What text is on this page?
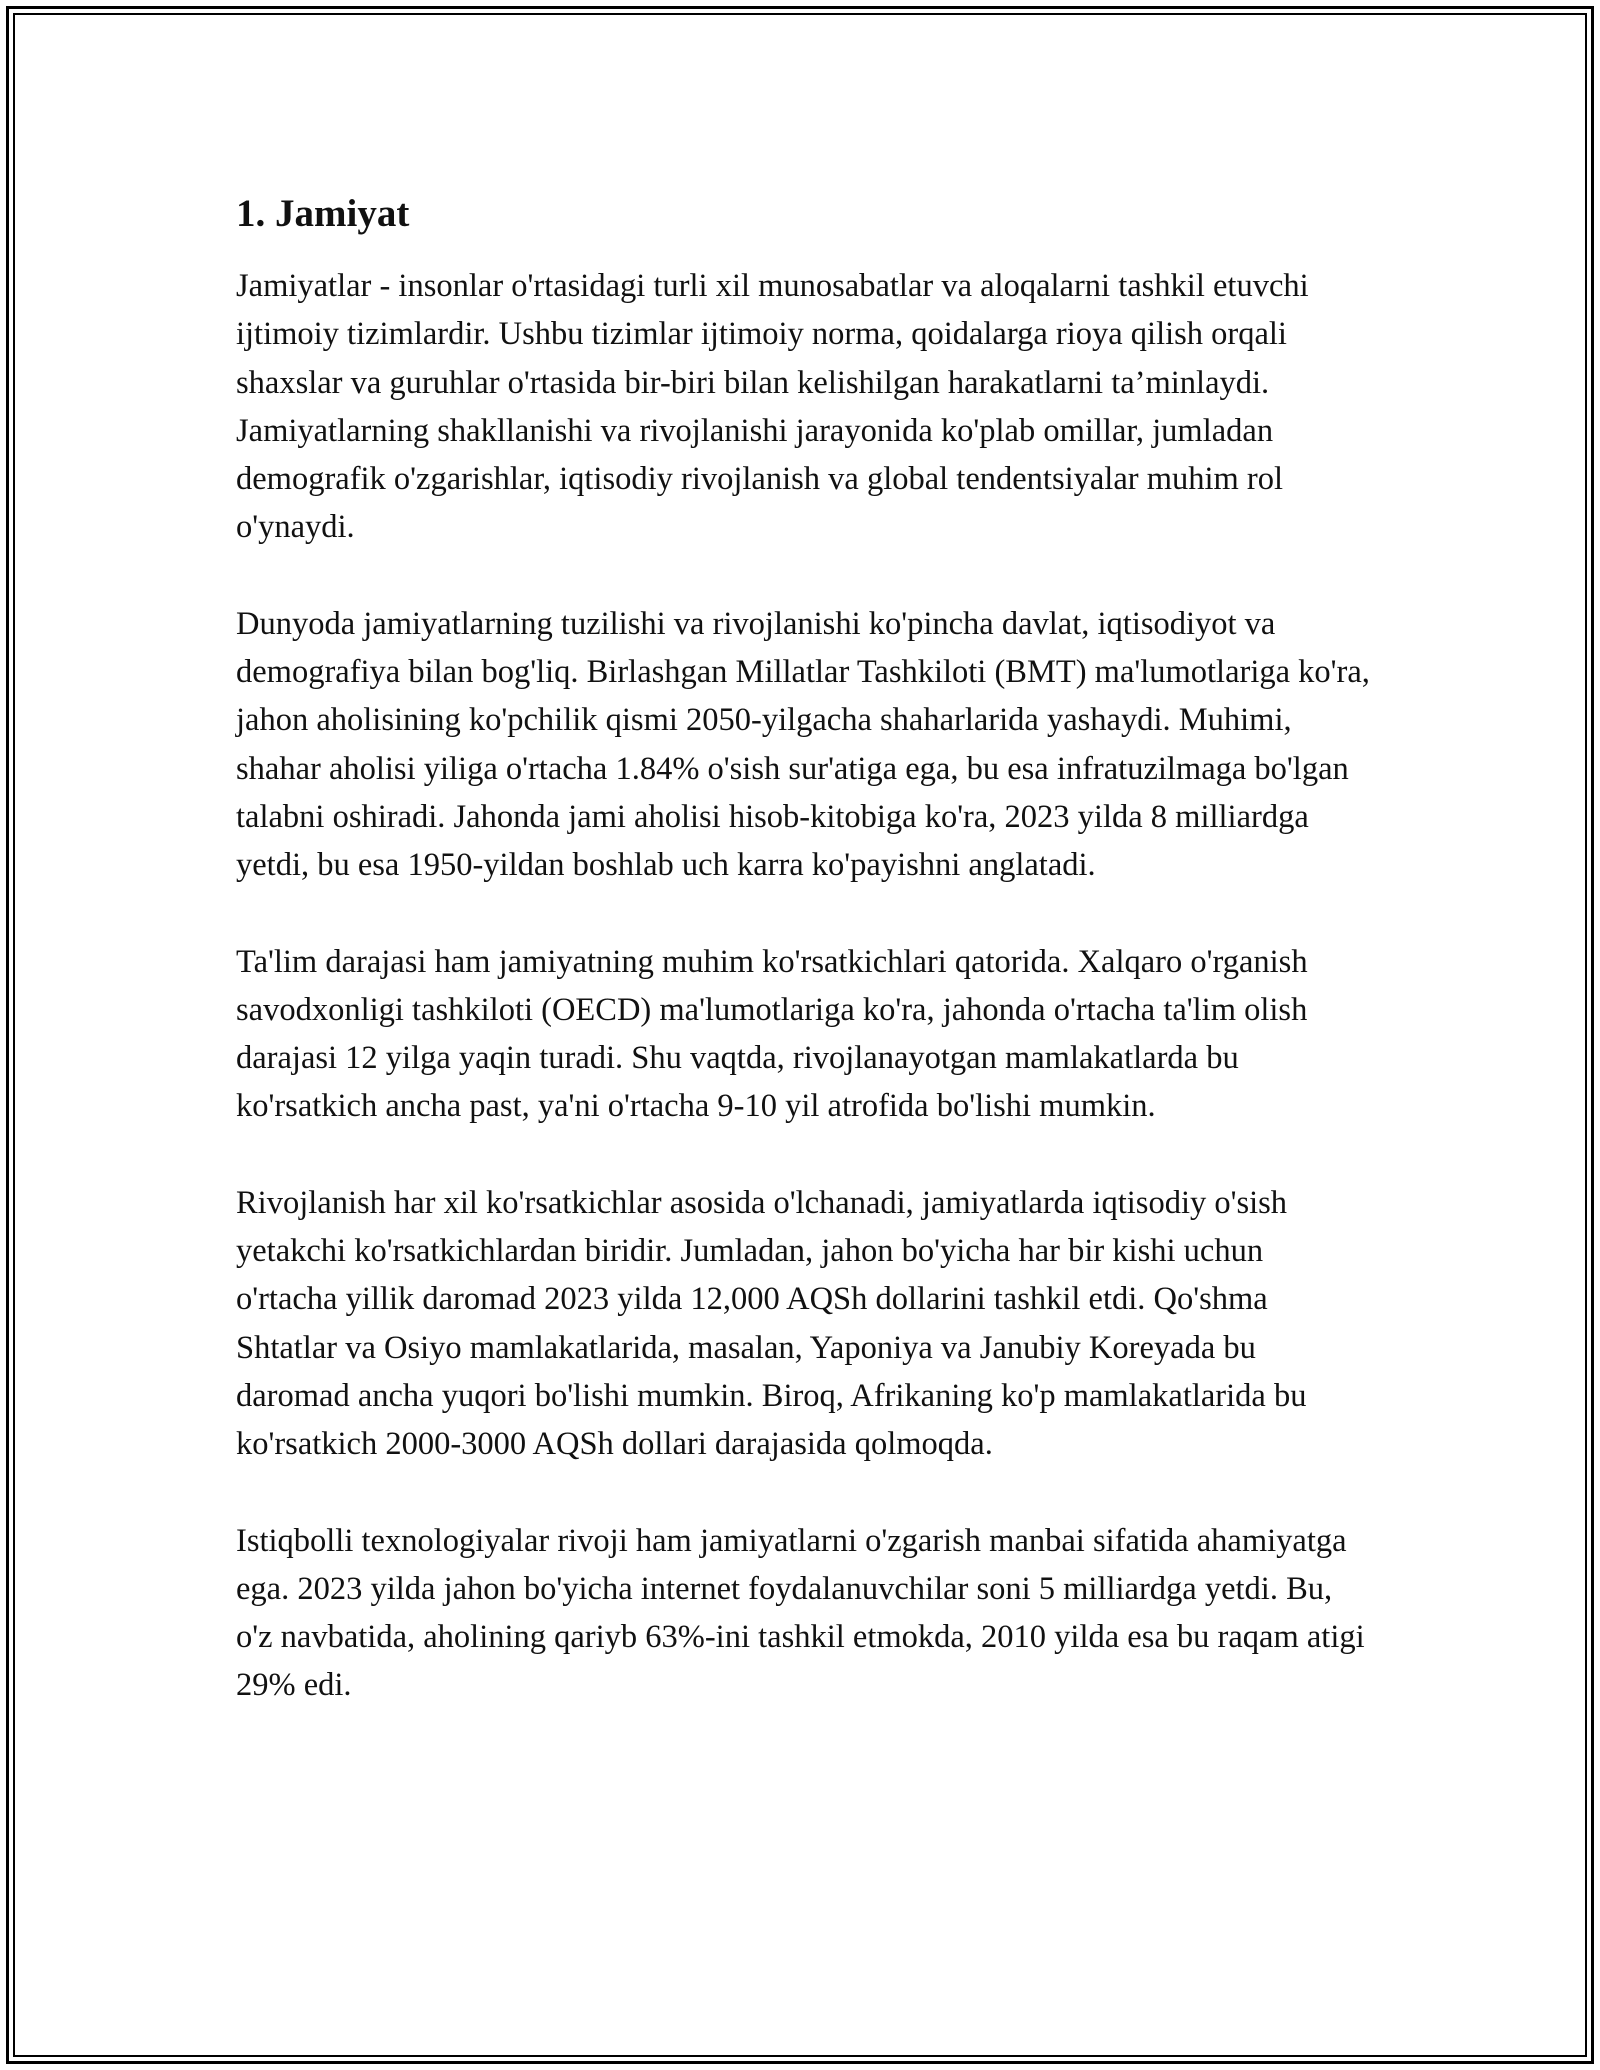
1. Jamiyat

Jamiyatlar - insonlar o'rtasidagi turli xil munosabatlar va aloqalarni tashkil etuvchi ijtimoiy tizimlardir. Ushbu tizimlar ijtimoiy norma, qoidalarga rioya qilish orqali shaxslar va guruhlar o'rtasida bir-biri bilan kelishilgan harakatlarni ta’minlaydi. Jamiyatlarning shakllanishi va rivojlanishi jarayonida ko'plab omillar, jumladan demografik o'zgarishlar, iqtisodiy rivojlanish va global tendentsiyalar muhim rol o'ynaydi.

Dunyoda jamiyatlarning tuzilishi va rivojlanishi ko'pincha davlat, iqtisodiyot va demografiya bilan bog'liq. Birlashgan Millatlar Tashkiloti (BMT) ma'lumotlariga ko'ra, jahon aholisining ko'pchilik qismi 2050-yilgacha shaharlarida yashaydi. Muhimi, shahar aholisi yiliga o'rtacha 1.84% o'sish sur'atiga ega, bu esa infratuzilmaga bo'lgan talabni oshiradi. Jahonda jami aholisi hisob-kitobiga ko'ra, 2023 yilda 8 milliardga yetdi, bu esa 1950-yildan boshlab uch karra ko'payishni anglatadi.

Ta'lim darajasi ham jamiyatning muhim ko'rsatkichlari qatorida. Xalqaro o'rganish savodxonligi tashkiloti (OECD) ma'lumotlariga ko'ra, jahonda o'rtacha ta'lim olish darajasi 12 yilga yaqin turadi. Shu vaqtda, rivojlanayotgan mamlakatlarda bu ko'rsatkich ancha past, ya'ni o'rtacha 9-10 yil atrofida bo'lishi mumkin.

Rivojlanish har xil ko'rsatkichlar asosida o'lchanadi, jamiyatlarda iqtisodiy o'sish yetakchi ko'rsatkichlardan biridir. Jumladan, jahon bo'yicha har bir kishi uchun o'rtacha yillik daromad 2023 yilda 12,000 AQSh dollarini tashkil etdi. Qo'shma Shtatlar va Osiyo mamlakatlarida, masalan, Yaponiya va Janubiy Koreyada bu daromad ancha yuqori bo'lishi mumkin. Biroq, Afrikaning ko'p mamlakatlarida bu ko'rsatkich 2000-3000 AQSh dollari darajasida qolmoqda.

Istiqbolli texnologiyalar rivoji ham jamiyatlarni o'zgarish manbai sifatida ahamiyatga ega. 2023 yilda jahon bo'yicha internet foydalanuvchilar soni 5 milliardga yetdi. Bu, o'z navbatida, aholining qariyb 63%-ini tashkil etmokda, 2010 yilda esa bu raqam atigi 29% edi.
